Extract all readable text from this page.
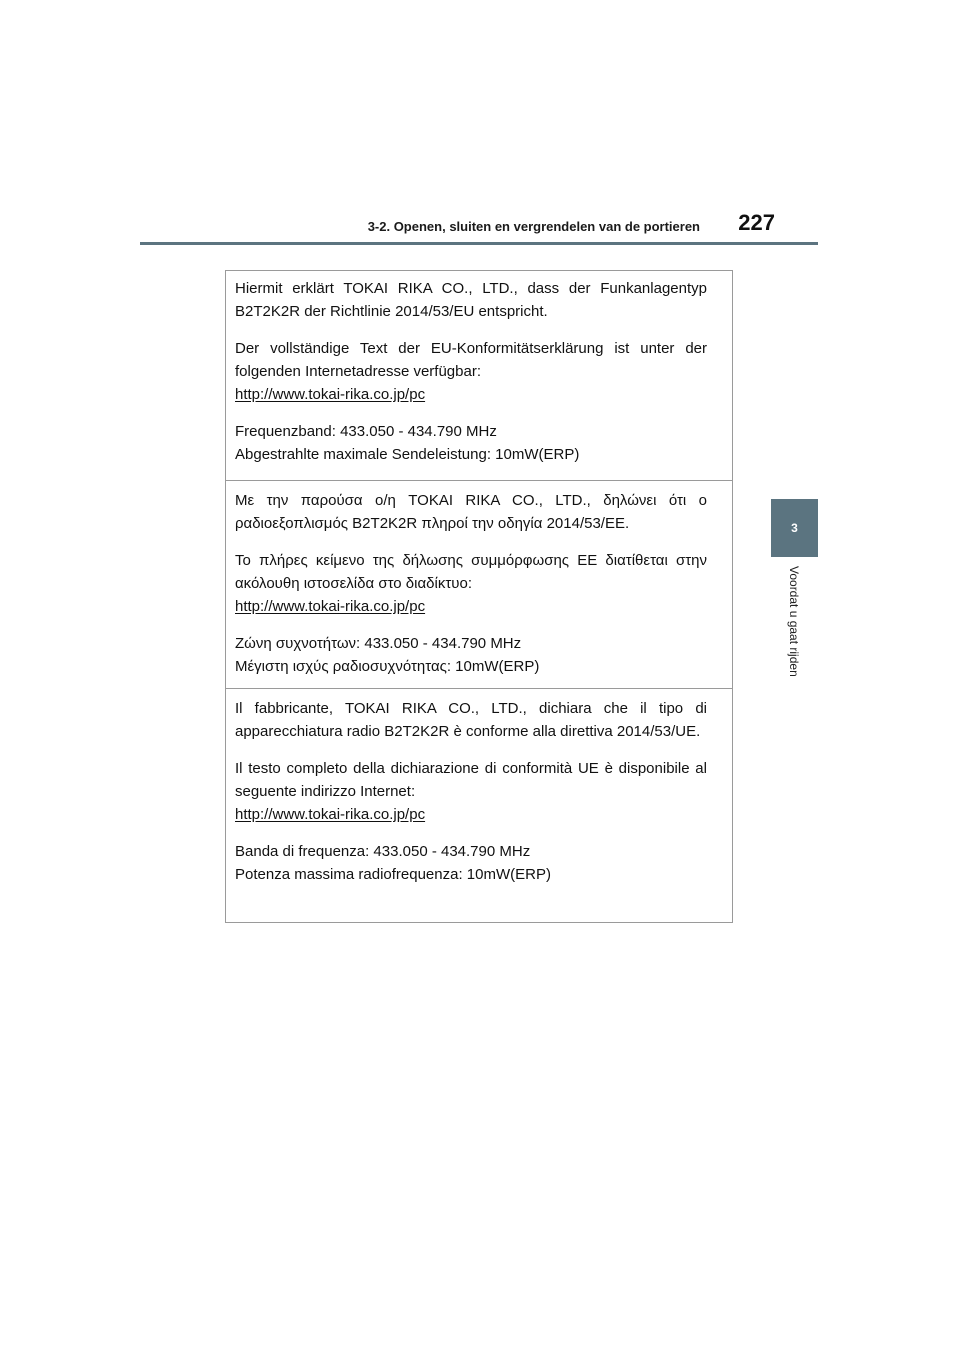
3-2. Openen, sluiten en vergrendelen van de portieren	227
3
Voordat u gaat rijden

Hiermit erklärt TOKAI RIKA CO., LTD., dass der Funkanlagentyp B2T2K2R der Richtlinie 2014/53/EU entspricht.

Der vollständige Text der EU-Konformitätserklärung ist unter der folgenden Internetadresse verfügbar:

http://www.tokai-rika.co.jp/pc
Frequenzband: 433.050 - 434.790 MHz
Abgestrahlte maximale Sendeleistung: 10mW(ERP)

Με την παρούσα ο/η TOKAI RIKA CO., LTD., δηλώνει ότι ο ραδιοεξοπλισμός B2T2K2R πληροί την οδηγία 2014/53/EE.

Το πλήρες κείμενο της δήλωσης συμμόρφωσης ΕΕ διατίθεται στην ακόλουθη ιστοσελίδα στο διαδίκτυο:

http://www.tokai-rika.co.jp/pc
Ζώνη συχνοτήτων: 433.050 - 434.790 MHz
Μέγιστη ισχύς ραδιοσυχνότητας: 10mW(ERP)

Il fabbricante, TOKAI RIKA CO., LTD., dichiara che il tipo di apparecchiatura radio B2T2K2R è conforme alla direttiva 2014/53/UE.

Il testo completo della dichiarazione di conformità UE è disponibile al seguente indirizzo Internet:

http://www.tokai-rika.co.jp/pc
Banda di frequenza: 433.050 - 434.790 MHz
Potenza massima radiofrequenza: 10mW(ERP)
